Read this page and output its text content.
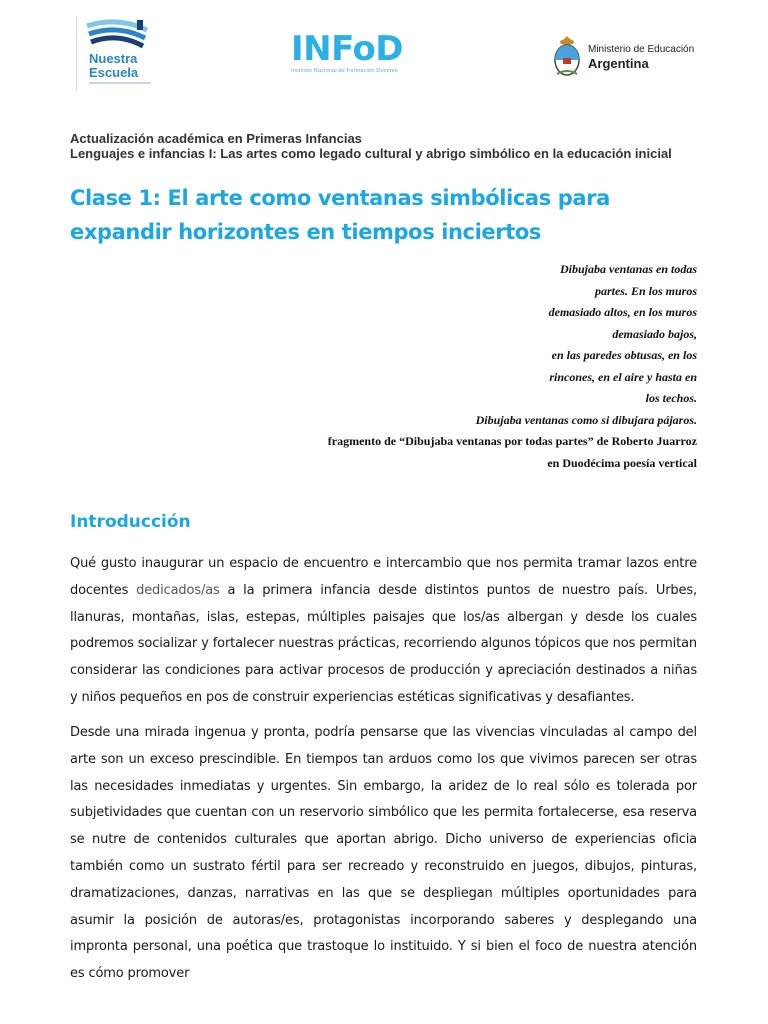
Nuestra
Escuela
INFoD
Instituto Nacional de Formación Docente
Ministerio de Educación
Argentina
Actualización académica en Primeras Infancias
Lenguajes e infancias I: Las artes como legado cultural y abrigo simbólico en la educación inicial
Clase 1: El arte como ventanas simbólicas para expandir horizontes en tiempos inciertos
Dibujaba ventanas en todas
partes. En los muros
demasiado altos, en los muros
demasiado bajos,
en las paredes obtusas, en los
rincones, en el aire y hasta en
los techos.
Dibujaba ventanas como si dibujara pájaros.
fragmento de “Dibujaba ventanas por todas partes” de Roberto Juarroz
en Duodécima poesía vertical
Introducción
Qué gusto inaugurar un espacio de encuentro e intercambio que nos permita tramar lazos entre docentes dedicados/as a la primera infancia desde distintos puntos de nuestro país. Urbes, llanuras, montañas, islas, estepas, múltiples paisajes que los/as albergan y desde los cuales podremos socializar y fortalecer nuestras prácticas, recorriendo algunos tópicos que nos permitan considerar las condiciones para activar procesos de producción y apreciación destinados a niñas y niños pequeños en pos de construir experiencias estéticas significativas y desafiantes.
Desde una mirada ingenua y pronta, podría pensarse que las vivencias vinculadas al campo del arte son un exceso prescindible. En tiempos tan arduos como los que vivimos parecen ser otras las necesidades inmediatas y urgentes. Sin embargo, la aridez de lo real sólo es tolerada por subjetividades que cuentan con un reservorio simbólico que les permita fortalecerse, esa reserva se nutre de contenidos culturales que aportan abrigo. Dicho universo de experiencias oficia también como un sustrato fértil para ser recreado y reconstruido en juegos, dibujos, pinturas, dramatizaciones, danzas, narrativas en las que se despliegan múltiples oportunidades para asumir la posición de autoras/es, protagonistas incorporando saberes y desplegando una impronta personal, una poética que trastoque lo instituido. Y si bien el foco de nuestra atención es cómo promover
